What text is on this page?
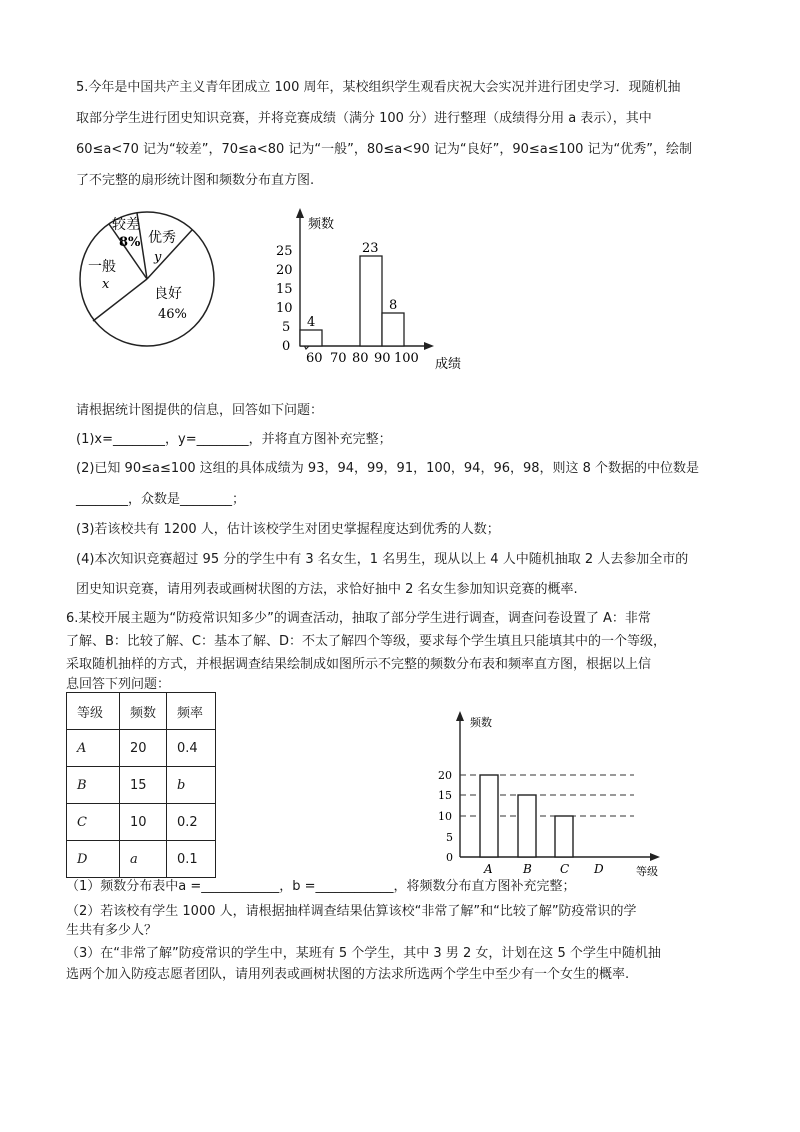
5.今年是中国共产主义青年团成立 100 周年，某校组织学生观看庆祝大会实况并进行团史学习．现随机抽
取部分学生进行团史知识竞赛，并将竞赛成绩（满分 100 分）进行整理（成绩得分用 a 表示），其中
60≤a<70 记为“较差”，70≤a<80 记为“一般”，80≤a<90 记为“良好”，90≤a≤100 记为“优秀”，绘制
了不完整的扇形统计图和频数分布直方图.
较差
8% 优秀
y
一般
x
良好
46%
频数
25
20
15
10
5
0
4
23
8
60 70 80 90 100 成绩
请根据统计图提供的信息，回答如下问题：
(1)x=________，y=________，并将直方图补充完整；
(2)已知 90≤a≤100 这组的具体成绩为 93，94，99，91，100，94，96，98，则这 8 个数据的中位数是
________，众数是________；
(3)若该校共有 1200 人，估计该校学生对团史掌握程度达到优秀的人数；
(4)本次知识竞赛超过 95 分的学生中有 3 名女生，1 名男生，现从以上 4 人中随机抽取 2 人去参加全市的
团史知识竞赛，请用列表或画树状图的方法，求恰好抽中 2 名女生参加知识竞赛的概率.
6.某校开展主题为“防疫常识知多少”的调查活动，抽取了部分学生进行调查，调查问卷设置了 A：非常
了解、B：比较了解、C：基本了解、D：不太了解四个等级，要求每个学生填且只能填其中的一个等级，
采取随机抽样的方式，并根据调查结果绘制成如图所示不完整的频数分布表和频率直方图，根据以上信
息回答下列问题：
等级	频数	频率
A	20	0.4
B	15	b
C	10	0.2
D	a	0.1
频数
20
15
10
5
0
A	B C D	等级
（1）频数分布表中a =____________，b =____________，将频数分布直方图补充完整；
（2）若该校有学生 1000 人，请根据抽样调查结果估算该校“非常了解”和“比较了解”防疫常识的学
生共有多少人？
（3）在“非常了解”防疫常识的学生中，某班有 5 个学生，其中 3 男 2 女，计划在这 5 个学生中随机抽
选两个加入防疫志愿者团队，请用列表或画树状图的方法求所选两个学生中至少有一个女生的概率.
